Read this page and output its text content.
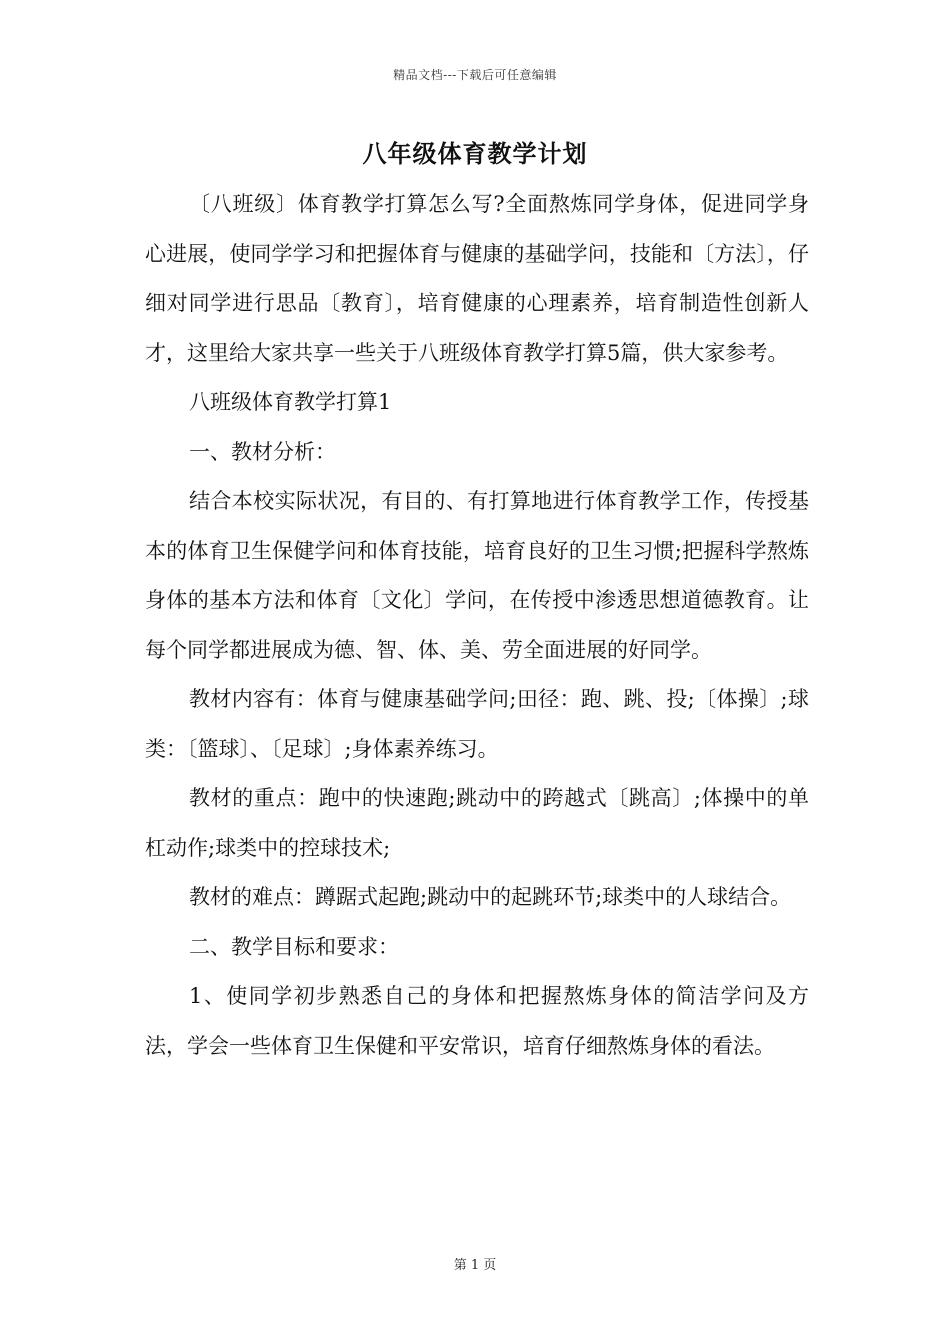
精品文档---下载后可任意编辑
八年级体育教学计划

〔八班级〕体育教学打算怎么写?全面熬炼同学身体，促进同学身心进展，使同学学习和把握体育与健康的基础学问，技能和〔方法〕，仔细对同学进行思品〔教育〕，培育健康的心理素养，培育制造性创新人才，这里给大家共享一些关于八班级体育教学打算5篇，供大家参考。

八班级体育教学打算1

一、教材分析：

结合本校实际状况，有目的、有打算地进行体育教学工作，传授基本的体育卫生保健学问和体育技能，培育良好的卫生习惯;把握科学熬炼身体的基本方法和体育〔文化〕学问，在传授中渗透思想道德教育。让每个同学都进展成为德、智、体、美、劳全面进展的好同学。

教材内容有：体育与健康基础学问;田径：跑、跳、投;〔体操〕;球类：〔篮球〕、〔足球〕;身体素养练习。

教材的重点：跑中的快速跑;跳动中的跨越式〔跳高〕;体操中的单杠动作;球类中的控球技术;

教材的难点：蹲踞式起跑;跳动中的起跳环节;球类中的人球结合。

二、教学目标和要求：

1、使同学初步熟悉自己的身体和把握熬炼身体的简洁学问及方法，学会一些体育卫生保健和平安常识，培育仔细熬炼身体的看法。

第 1 页
